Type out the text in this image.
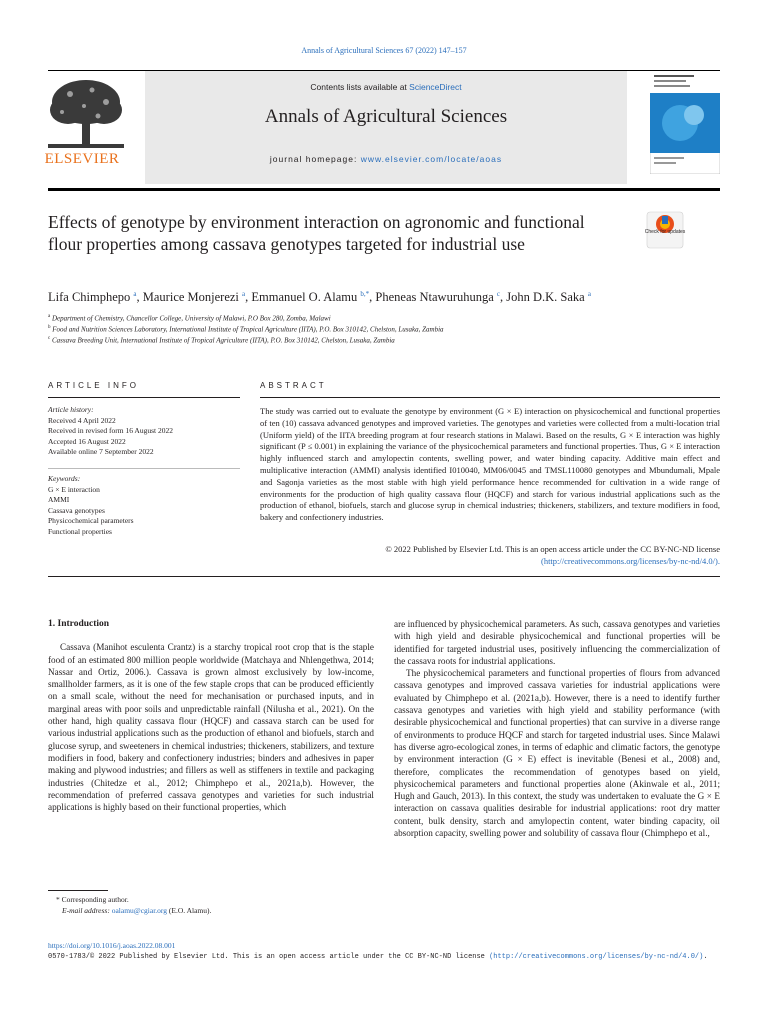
Annals of Agricultural Sciences 67 (2022) 147–157
ELSEVIER
Contents lists available at ScienceDirect
Annals of Agricultural Sciences
journal homepage: www.elsevier.com/locate/aoas
Effects of genotype by environment interaction on agronomic and functional flour properties among cassava genotypes targeted for industrial use
Check for updates
Lifa Chimphepo $^a$, Maurice Monjerezi $^a$, Emmanuel O. Alamu $^{b,*}$, Pheneas Ntawuruhunga $^c$, John D.K. Saka $^a$
$^a$ Department of Chemistry, Chancellor College, University of Malawi, P.O Box 280, Zomba, Malawi
$^b$ Food and Nutrition Sciences Laboratory, International Institute of Tropical Agriculture (IITA), P.O. Box 310142, Chelston, Lusaka, Zambia
$^c$ Cassava Breeding Unit, International Institute of Tropical Agriculture (IITA), P.O. Box 310142, Chelston, Lusaka, Zambia
ARTICLE INFO	ABSTRACT
Article history:
Received 4 April 2022
Received in revised form 16 August 2022
Accepted 16 August 2022
Available online 7 September 2022
Keywords:
G × E interaction
AMMI
Cassava genotypes
Physicochemical parameters
Functional properties
The study was carried out to evaluate the genotype by environment (G × E) interaction on physicochemical and functional properties of ten (10) cassava advanced genotypes and improved varieties. The genotypes and varieties were collected from a multi-location trial (Uniform yield) of the IITA breeding program at four research stations in Malawi. Based on the results, G × E interaction was highly significant (P ≤ 0.001) in explaining the variance of the physicochemical parameters and functional properties. Thus, G × E interaction highly influenced starch and amylopectin contents, swelling power, and water binding capacity. Additive main effect and multiplicative interaction (AMMI) analysis identified I010040, MM06/0045 and TMSL110080 genotypes and Mbundumali, Mpale and Sagonja varieties as the most stable with high yield performance hence recommended for cultivation in a wide range of environments for the production of high quality cassava flour (HQCF) and starch for various industrial applications such as the production of ethanol, biofuels, starch and glucose syrup in chemical industries; thickeners, stabilizers, and texture modifiers in food, bakery and confectionery industries.
© 2022 Published by Elsevier Ltd. This is an open access article under the CC BY-NC-ND license
(http://creativecommons.org/licenses/by-nc-nd/4.0/).
1. Introduction

Cassava (Manihot esculenta Crantz) is a starchy tropical root crop that is the staple food of an estimated 800 million people worldwide (Matchaya and Nhlengethwa, 2014; Nassar and Ortiz, 2006.). Cassava is grown almost exclusively by low-income, smallholder farmers, as it is one of the few staple crops that can be produced efficiently on a small scale, without the need for mechanisation or purchased inputs, and in marginal areas with poor soils and unpredictable rainfall (Nilusha et al., 2021). On the other hand, high quality cassava flour (HQCF) and cassava starch can be used for various industrial applications such as the production of ethanol and biofuels, starch and glucose syrup, and sweeteners in chemical industries; thickeners, stabilizers, and texture modifiers in food, bakery and confectionery industries; binders and adhesives in paper making and plywood industries; and fillers as well as stiffeners in textile and packaging industries (Chitedze et al., 2012; Chimphepo et al., 2021a,b). However, the recommendation of preferred cassava genotypes and varieties for such industrial applications is highly based on their functional properties, which

are influenced by physicochemical parameters. As such, cassava genotypes and varieties with high yield and desirable physicochemical and functional properties will be identified for targeted industrial uses, positively influencing the commercialization of the cassava roots for industrial applications.

The physicochemical parameters and functional properties of flours from advanced cassava genotypes and improved cassava varieties for industrial applications were evaluated by Chimphepo et al. (2021a,b). However, there is a need to identify further cassava genotypes and varieties with high yield and stability performance (with desirable physicochemical and functional properties) that can survive in a diverse range of environments to produce HQCF and starch for targeted industrial uses. Since Malawi has diverse agro-ecological zones, in terms of edaphic and climatic factors, the genotype by environment interaction (G × E) effect is inevitable (Benesi et al., 2008) and, therefore, complicates the recommendation of genotypes based on yield, physicochemical parameters and functional properties alone (Akinwale et al., 2011; Hugh and Gauch, 2013). In this context, the study was undertaken to evaluate the G × E interaction on cassava qualities desirable for industrial applications: root dry matter content, bulk density, starch and amylopectin content, water binding capacity, oil absorption capacity, swelling power and solubility of cassava flour (Chimphepo et al.,

* Corresponding author.
E-mail address: oalamu@cgiar.org (E.O. Alamu).
https://doi.org/10.1016/j.aoas.2022.08.001
0570-1783/© 2022 Published by Elsevier Ltd. This is an open access article under the CC BY-NC-ND license (http://creativecommons.org/licenses/by-nc-nd/4.0/).
